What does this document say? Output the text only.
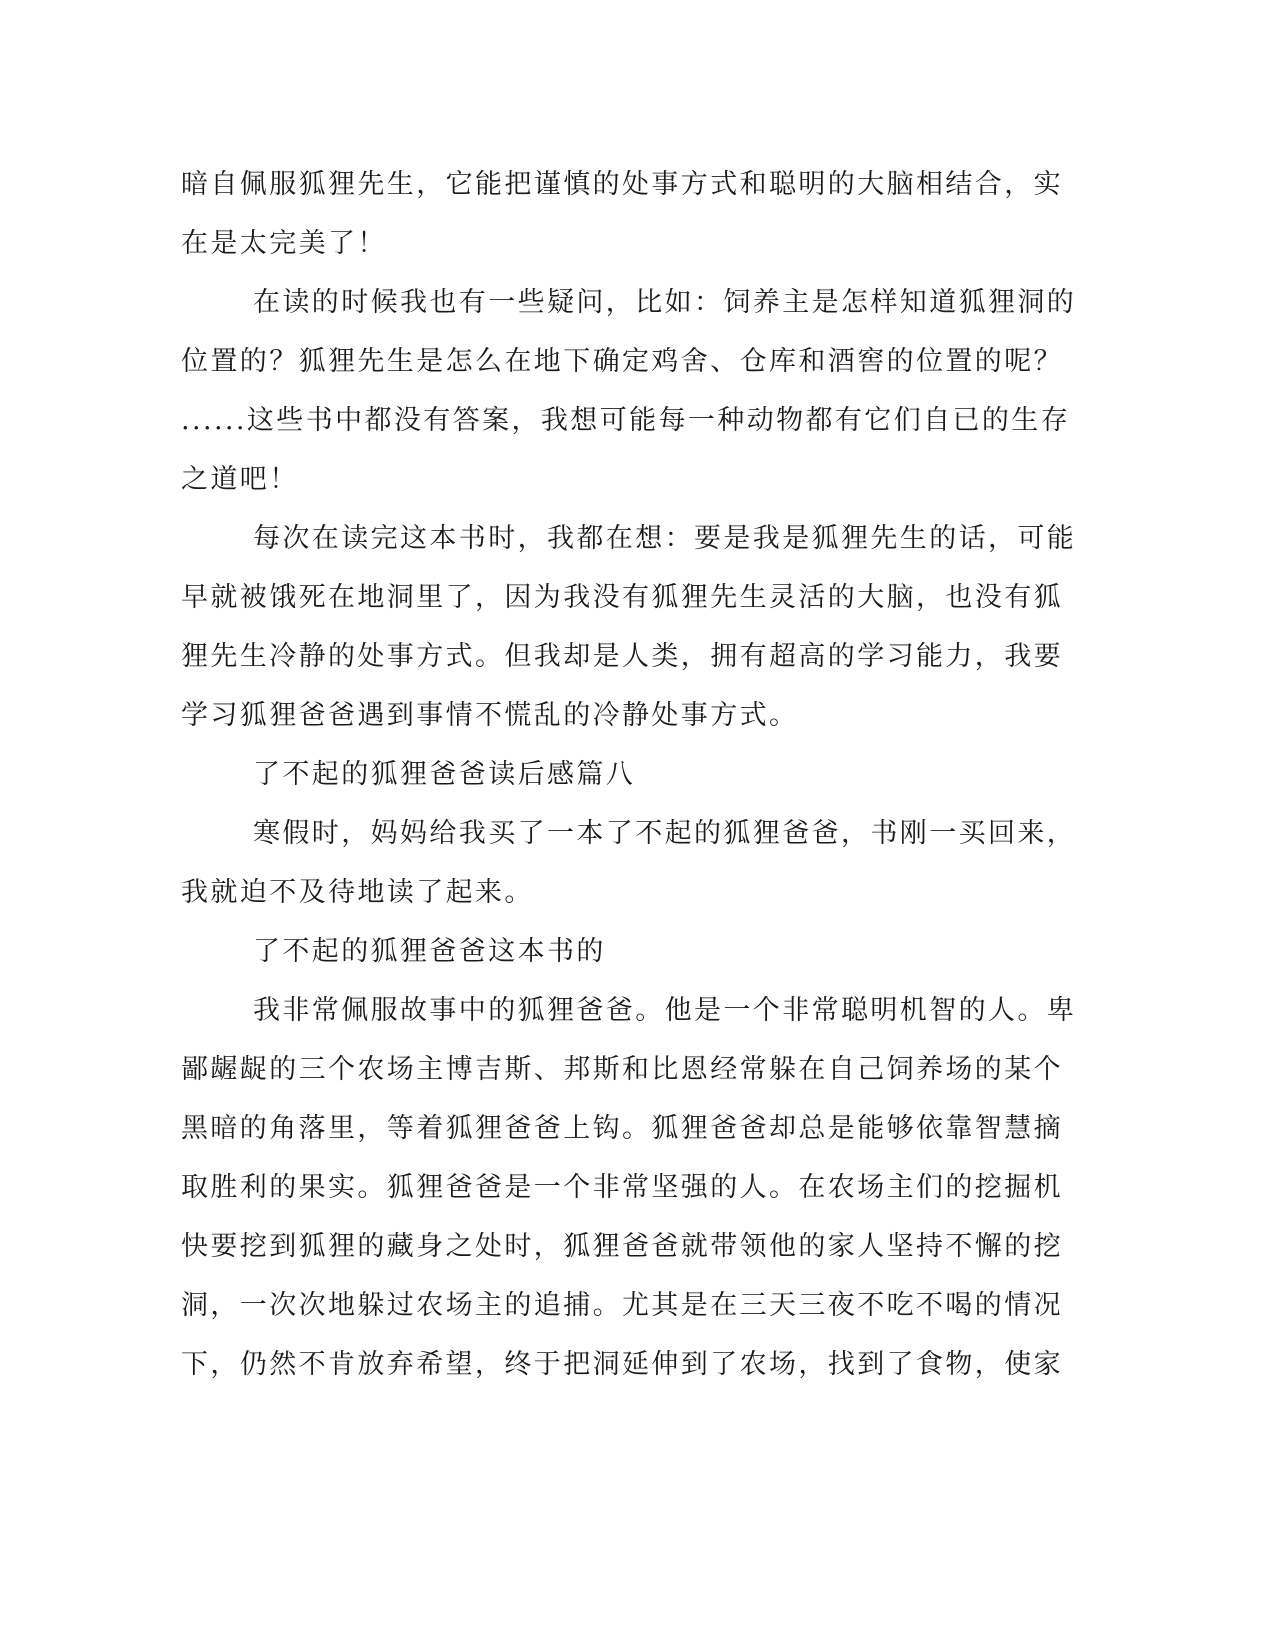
暗自佩服狐狸先生，它能把谨慎的处事方式和聪明的大脑相结合，实
在是太完美了！
在读的时候我也有一些疑问，比如：饲养主是怎样知道狐狸洞的
位置的？狐狸先生是怎么在地下确定鸡舍、仓库和酒窖的位置的呢？
......这些书中都没有答案，我想可能每一种动物都有它们自已的生存
之道吧！
每次在读完这本书时，我都在想：要是我是狐狸先生的话，可能
早就被饿死在地洞里了，因为我没有狐狸先生灵活的大脑，也没有狐
狸先生冷静的处事方式。但我却是人类，拥有超高的学习能力，我要
学习狐狸爸爸遇到事情不慌乱的冷静处事方式。
了不起的狐狸爸爸读后感篇八
寒假时，妈妈给我买了一本了不起的狐狸爸爸，书刚一买回来，
我就迫不及待地读了起来。
了不起的狐狸爸爸这本书的
我非常佩服故事中的狐狸爸爸。他是一个非常聪明机智的人。卑
鄙龌龊的三个农场主博吉斯、邦斯和比恩经常躲在自己饲养场的某个
黑暗的角落里，等着狐狸爸爸上钩。狐狸爸爸却总是能够依靠智慧摘
取胜利的果实。狐狸爸爸是一个非常坚强的人。在农场主们的挖掘机
快要挖到狐狸的藏身之处时，狐狸爸爸就带领他的家人坚持不懈的挖
洞，一次次地躲过农场主的追捕。尤其是在三天三夜不吃不喝的情况
下，仍然不肯放弃希望，终于把洞延伸到了农场，找到了食物，使家
